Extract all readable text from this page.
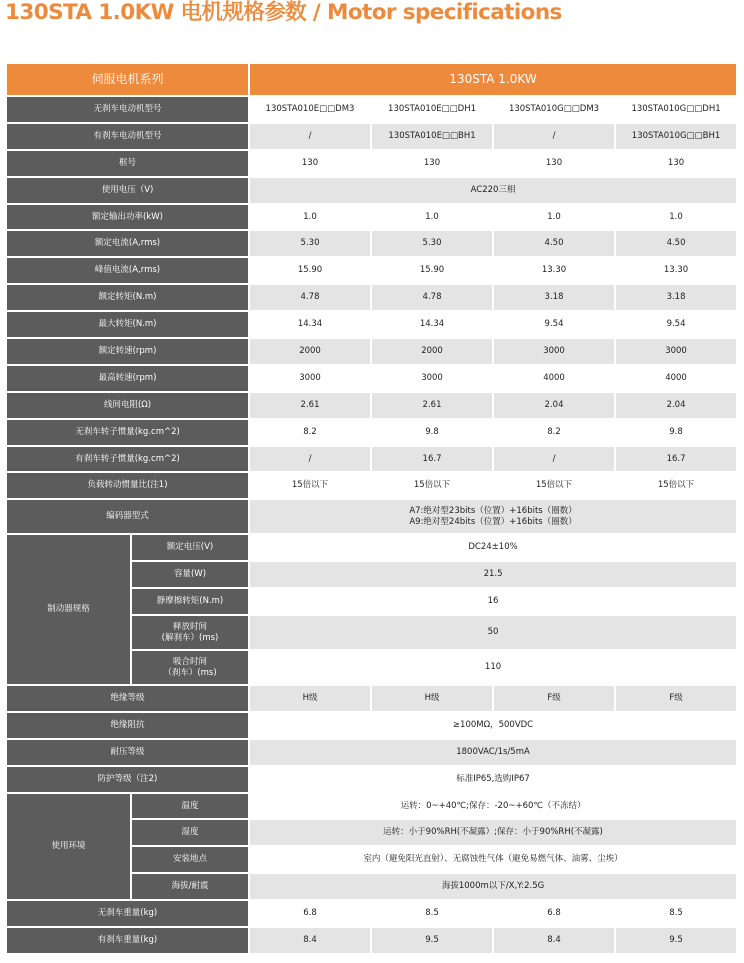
130STA 1.0KW 电机规格参数 / Motor specifications
伺服电机系列		130STA 1.0KW			
无刹车电动机型号		130STA010E□□DM3	130STA010E□□DH1	130STA010G□□DM3	130STA010G□□DH1
有刹车电动机型号		/	130STA010E□□BH1	/	130STA010G□□BH1
框号		130	130	130	130
使用电压（V)		AC220三相			
额定输出功率(kW)		1.0	1.0	1.0	1.0
额定电流(A,rms)		5.30	5.30	4.50	4.50
峰值电流(A,rms)		15.90	15.90	13.30	13.30
额定转矩(N.m)		4.78	4.78	3.18	3.18
最大转矩(N.m)		14.34	14.34	9.54	9.54
额定转速(rpm)		2000	2000	3000	3000
最高转速(rpm)		3000	3000	4000	4000
线间电阻(Ω)		2.61	2.61	2.04	2.04
无刹车转子惯量(kg.cm^2)		8.2	9.8	8.2	9.8
有刹车转子惯量(kg.cm^2)		/	16.7	/	16.7
负载转动惯量比(注1)		15倍以下	15倍以下	15倍以下	15倍以下
编码器型式		A7:绝对型23bits（位置）+16bits（圈数）
A9:绝对型24bits（位置）+16bits（圈数）			

制动器规格	额定电压(V)	DC24±10%			
	容量(W)	21.5			
	静摩擦转矩(N.m)	16			

	释放时间
(解刹车）(ms)	50			

	吸合时间
（刹车）(ms)	110			
绝缘等级		H级	H级	F级	F级
绝缘阻抗		≥100MΩ，500VDC			
耐压等级		1800VAC/1s/5mA			
防护等级（注2)		标准IP65,选购IP67			
使用环境	温度	运转：0~+40℃;保存：-20~+60℃（不冻结）			
	湿度	运转：小于90%RH(不凝露）;保存：小于90%RH(不凝露)			
	安装地点	室内（避免阳光直射）、无腐蚀性气体（避免易燃气体、油雾、尘埃）			
	海拔/耐震	海拔1000m以下/X,Y:2.5G			
无刹车重量(kg)		6.8	8.5	6.8	8.5
有刹车重量(kg)		8.4	9.5	8.4	9.5
